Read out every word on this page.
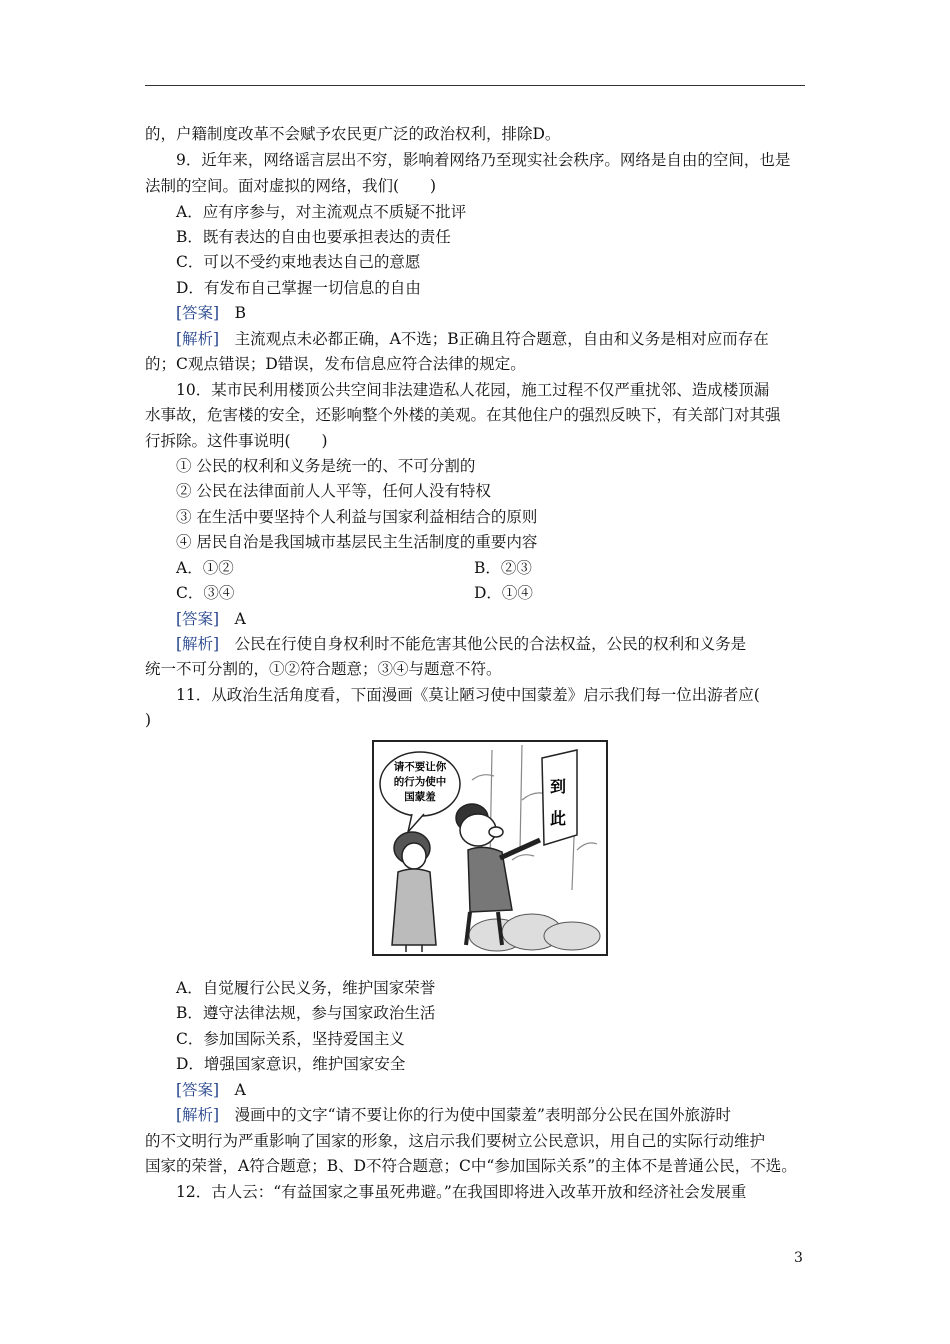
的，户籍制度改革不会赋予农民更广泛的政治权利，排除D。
9．近年来，网络谣言层出不穷，影响着网络乃至现实社会秩序。网络是自由的空间，也是
法制的空间。面对虚拟的网络，我们(　　)
A．应有序参与，对主流观点不质疑不批评
B．既有表达的自由也要承担表达的责任
C．可以不受约束地表达自己的意愿
D．有发布自己掌握一切信息的自由
[答案]  B
[解析]  主流观点未必都正确，A不选；B正确且符合题意，自由和义务是相对应而存在
的；C观点错误；D错误，发布信息应符合法律的规定。
10．某市民利用楼顶公共空间非法建造私人花园，施工过程不仅严重扰邻、造成楼顶漏
水事故，危害楼的安全，还影响整个外楼的美观。在其他住户的强烈反映下，有关部门对其强
行拆除。这件事说明(　　)
① 公民的权利和义务是统一的、不可分割的
② 公民在法律面前人人平等，任何人没有特权
③ 在生活中要坚持个人利益与国家利益相结合的原则
④ 居民自治是我国城市基层民主生活制度的重要内容
A．①②	B．②③
C．③④	D．①④
[答案]  A
[解析]  公民在行使自身权利时不能危害其他公民的合法权益，公民的权利和义务是
统一不可分割的，①②符合题意；③④与题意不符。
11．从政治生活角度看，下面漫画《莫让陋习使中国蒙羞》启示我们每一位出游者应(
)
请不要让你
的行为使中
国蒙羞
到
此
A．自觉履行公民义务，维护国家荣誉
B．遵守法律法规，参与国家政治生活
C．参加国际关系，坚持爱国主义
D．增强国家意识，维护国家安全
[答案]  A
[解析]  漫画中的文字“请不要让你的行为使中国蒙羞”表明部分公民在国外旅游时
的不文明行为严重影响了国家的形象，这启示我们要树立公民意识，用自己的实际行动维护
国家的荣誉，A符合题意；B、D不符合题意；C中“参加国际关系”的主体不是普通公民，不选。
12．古人云：“有益国家之事虽死弗避。”在我国即将进入改革开放和经济社会发展重
3
